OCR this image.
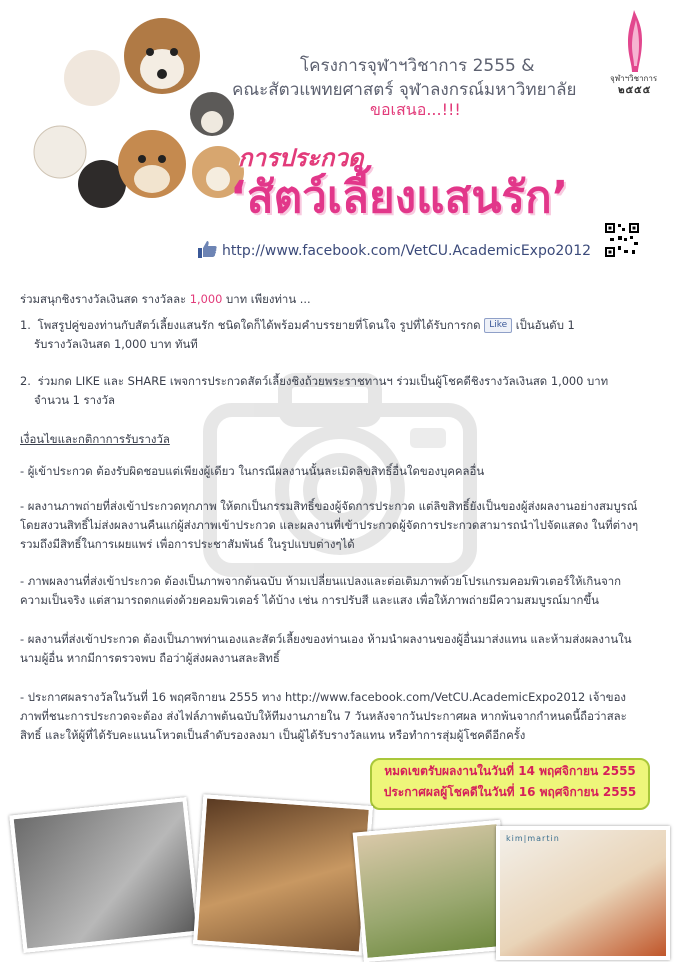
โครงการจุฬาฯวิชาการ 2555 &
คณะสัตวแพทยศาสตร์ จุฬาลงกรณ์มหาวิทยาลัย
ขอเสนอ...!!!
จุฬาฯวิชาการ
๒๕๕๕
การประกวด
‘สัตว์เลี้ยงแสนรัก’
http://www.facebook.com/VetCU.AcademicExpo2012
ร่วมสนุกชิงรางวัลเงินสด รางวัลละ 1,000 บาท เพียงท่าน ...
1. โพสรูปคู่ของท่านกับสัตว์เลี้ยงแสนรัก ชนิดใดก็ได้พร้อมคำบรรยายที่โดนใจ รูปที่ได้รับการกด Like เป็นอันดับ 1
รับรางวัลเงินสด 1,000 บาท ทันที
2. ร่วมกด LIKE และ SHARE เพจการประกวดสัตว์เลี้ยงชิงถ้วยพระราชทานฯ ร่วมเป็นผู้โชคดีชิงรางวัลเงินสด 1,000 บาท
จำนวน 1 รางวัล
เงื่อนไขและกติกาการรับรางวัล
- ผู้เข้าประกวด ต้องรับผิดชอบแต่เพียงผู้เดียว ในกรณีผลงานนั้นละเมิดลิขสิทธิ์อื่นใดของบุคคลอื่น
- ผลงานภาพถ่ายที่ส่งเข้าประกวดทุกภาพ ให้ตกเป็นกรรมสิทธิ์ของผู้จัดการประกวด แต่ลิขสิทธิ์ยังเป็นของผู้ส่งผลงานอย่างสมบูรณ์ โดยสงวนสิทธิ์ไม่ส่งผลงานคืนแก่ผู้ส่งภาพเข้าประกวด และผลงานที่เข้าประกวดผู้จัดการประกวดสามารถนำไปจัดแสดง ในที่ต่างๆ รวมถึงมีสิทธิ์ในการเผยแพร่ เพื่อการประชาสัมพันธ์ ในรูปแบบต่างๆได้
- ภาพผลงานที่ส่งเข้าประกวด ต้องเป็นภาพจากต้นฉบับ ห้ามเปลี่ยนแปลงและต่อเติมภาพด้วยโปรแกรมคอมพิวเตอร์ให้เกินจากความเป็นจริง แต่สามารถตกแต่งด้วยคอมพิวเตอร์ ได้บ้าง เช่น การปรับสี และแสง เพื่อให้ภาพถ่ายมีความสมบูรณ์มากขึ้น
- ผลงานที่ส่งเข้าประกวด ต้องเป็นภาพท่านเองและสัตว์เลี้ยงของท่านเอง ห้ามนำผลงานของผู้อื่นมาส่งแทน และห้ามส่งผลงานในนามผู้อื่น หากมีการตรวจพบ ถือว่าผู้ส่งผลงานสละสิทธิ์
- ประกาศผลรางวัลในวันที่ 16 พฤศจิกายน 2555 ทาง http://www.facebook.com/VetCU.AcademicExpo2012 เจ้าของภาพที่ชนะการประกวดจะต้อง ส่งไฟล์ภาพต้นฉบับให้ทีมงานภายใน 7 วันหลังจากวันประกาศผล หากพ้นจากกำหนดนี้ถือว่าสละสิทธิ์ และให้ผู้ที่ได้รับคะแนนโหวตเป็นลำดับรองลงมา เป็นผู้ได้รับรางวัลแทน หรือทำการสุ่มผู้โชคดีอีกครั้ง
หมดเขตรับผลงานในวันที่ 14 พฤศจิกายน 2555
ประกาศผลผู้โชคดีในวันที่ 16 พฤศจิกายน 2555
kim|martin
